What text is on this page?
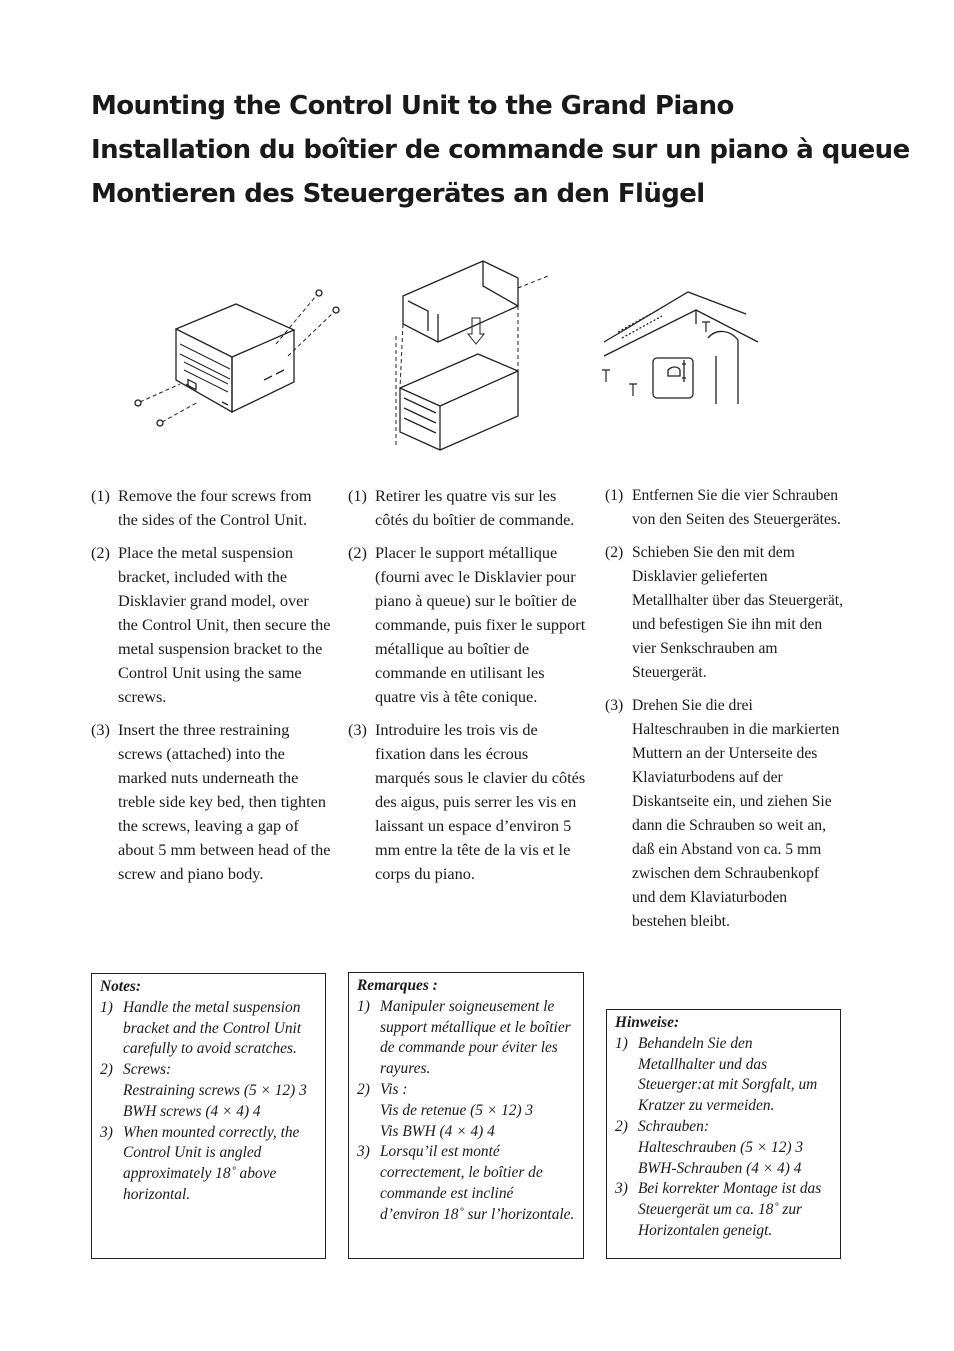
Mounting the Control Unit to the Grand Piano
Installation du boîtier de commande sur un piano à queue
Montieren des Steuergerätes an den Flügel
(1) Remove the four screws from the sides of the Control Unit.
(2) Place the metal suspension bracket, included with the Disklavier grand model, over the Control Unit, then secure the metal suspension bracket to the Control Unit using the same screws.
(3) Insert the three restraining screws (attached) into the marked nuts underneath the treble side key bed, then tighten the screws, leaving a gap of about 5 mm between head of the screw and piano body.
Notes:
1) Handle the metal suspension bracket and the Control Unit carefully to avoid scratches.
2) Screws:
Restraining screws (5 × 12) 3
BWH screws (4 × 4) 4
3) When mounted correctly, the Control Unit is angled approximately 18˚ above horizontal.
(1) Retirer les quatre vis sur les côtés du boîtier de commande.
(2) Placer le support métallique (fourni avec le Disklavier pour piano à queue) sur le boîtier de commande, puis fixer le support métallique au boîtier de commande en utilisant les quatre vis à tête conique.
(3) Introduire les trois vis de fixation dans les écrous marqués sous le clavier du côtés des aigus, puis serrer les vis en laissant un espace d’environ 5 mm entre la tête de la vis et le corps du piano.
Remarques :
1) Manipuler soigneusement le support métallique et le boîtier de commande pour éviter les rayures.
2) Vis :
Vis de retenue (5 × 12) 3
Vis BWH (4 × 4) 4
3) Lorsqu’il est monté correctement, le boîtier de commande est incliné d’environ 18˚ sur l’horizontale.
(1) Entfernen Sie die vier Schrauben von den Seiten des Steuergerätes.
(2) Schieben Sie den mit dem Disklavier gelieferten Metallhalter über das Steuergerät, und befestigen Sie ihn mit den vier Senkschrauben am Steuergerät.
(3) Drehen Sie die drei Halteschrauben in die markierten Muttern an der Unterseite des Klaviaturbodens auf der Diskantseite ein, und ziehen Sie dann die Schrauben so weit an, daß ein Abstand von ca. 5 mm zwischen dem Schraubenkopf und dem Klaviaturboden bestehen bleibt.
Hinweise:
1) Behandeln Sie den Metallhalter und das Steuerger:at mit Sorgfalt, um Kratzer zu vermeiden.
2) Schrauben:
Halteschrauben (5 × 12) 3
BWH-Schrauben (4 × 4) 4
3) Bei korrekter Montage ist das Steuergerät um ca. 18˚ zur Horizontalen geneigt.
